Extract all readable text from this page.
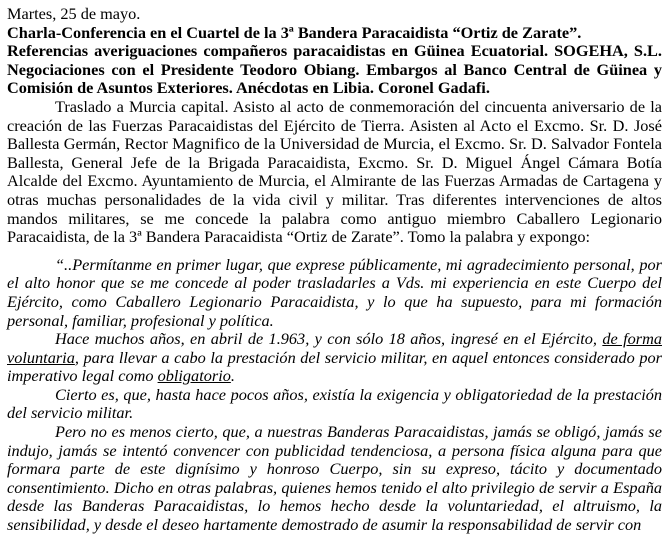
Martes, 25 de mayo.

Charla-Conferencia en el Cuartel de la 3ª Bandera Paracaidista “Ortiz de Zarate”.

Referencias averiguaciones compañeros paracaidistas en Güinea Ecuatorial. SOGEHA, S.L. Negociaciones con el Presidente Teodoro Obiang. Embargos al Banco Central de Güinea y Comisión de Asuntos Exteriores. Anécdotas en Libia. Coronel Gadafi.

Traslado a Murcia capital. Asisto al acto de conmemoración del cincuenta aniversario de la creación de las Fuerzas Paracaidistas del Ejército de Tierra. Asisten al Acto el Excmo. Sr. D. José Ballesta Germán, Rector Magnifico de la Universidad de Murcia, el Excmo. Sr. D. Salvador Fontela Ballesta, General Jefe de la Brigada Paracaidista, Excmo. Sr. D. Miguel Ángel Cámara Botía Alcalde del Excmo. Ayuntamiento de Murcia, el Almirante de las Fuerzas Armadas de Cartagena y otras muchas personalidades de la vida civil y militar. Tras diferentes intervenciones de altos mandos militares, se me concede la palabra como antiguo miembro Caballero Legionario Paracaidista, de la 3ª Bandera Paracaidista “Ortiz de Zarate”. Tomo la palabra y expongo:

“..Permítanme en primer lugar, que exprese públicamente, mi agradecimiento personal, por el alto honor que se me concede al poder trasladarles a Vds. mi experiencia en este Cuerpo del Ejército, como Caballero Legionario Paracaidista, y lo que ha supuesto, para mi formación personal, familiar, profesional y política.

Hace muchos años, en abril de 1.963, y con sólo 18 años, ingresé en el Ejército, de forma voluntaria, para llevar a cabo la prestación del servicio militar, en aquel entonces considerado por imperativo legal como obligatorio.

Cierto es, que, hasta hace pocos años, existía la exigencia y obligatoriedad de la prestación del servicio militar.

Pero no es menos cierto, que, a nuestras Banderas Paracaidistas, jamás se obligó, jamás se indujo, jamás se intentó convencer con publicidad tendenciosa, a persona física alguna para que formara parte de este dignísimo y honroso Cuerpo, sin su expreso, tácito y documentado consentimiento. Dicho en otras palabras, quienes hemos tenido el alto privilegio de servir a España desde las Banderas Paracaidistas, lo hemos hecho desde la voluntariedad, el altruismo, la sensibilidad, y desde el deseo hartamente demostrado de asumir la responsabilidad de servir con
